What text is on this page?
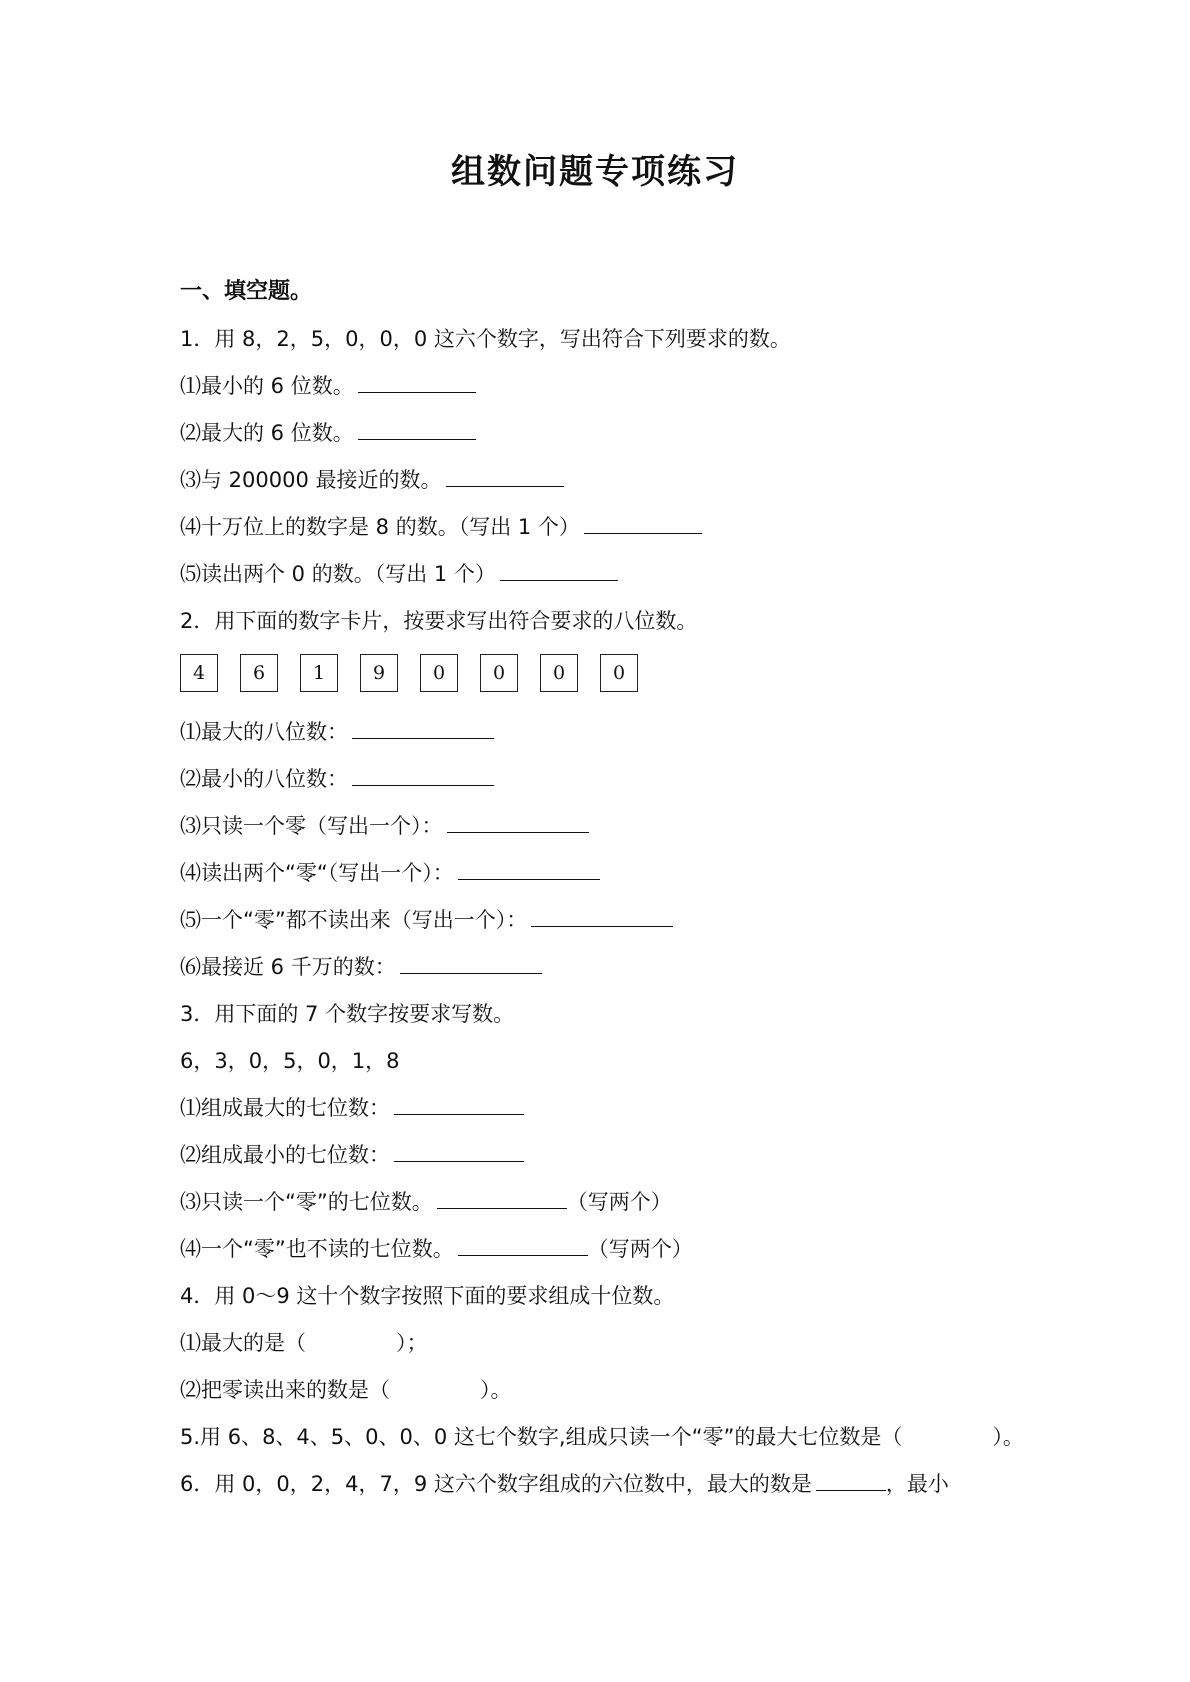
组数问题专项练习
一、填空题。
1．用 8，2，5，0，0，0 这六个数字，写出符合下列要求的数。
⑴最小的 6 位数。
⑵最大的 6 位数。
⑶与 200000 最接近的数。
⑷十万位上的数字是 8 的数。（写出 1 个）
⑸读出两个 0 的数。（写出 1 个）
2．用下面的数字卡片，按要求写出符合要求的八位数。
4	6	1	9	0	0	0	0
⑴最大的八位数：
⑵最小的八位数：
⑶只读一个零（写出一个）：
⑷读出两个“零“（写出一个）：
⑸一个“零”都不读出来（写出一个）：
⑹最接近 6 千万的数：
3．用下面的 7 个数字按要求写数。
6，3，0，5，0，1，8
⑴组成最大的七位数：
⑵组成最小的七位数：
⑶只读一个“零”的七位数。	（写两个）
⑷一个“零”也不读的七位数。	（写两个）
4．用 0～9 这十个数字按照下面的要求组成十位数。
⑴最大的是（	）；
⑵把零读出来的数是（	）。
5.用 6、8、4、5、0、0、0 这七个数字,组成只读一个“零”的最大七位数是（	）。
6．用 0，0，2，4，7，9 这六个数字组成的六位数中，最大的数是	，最小
